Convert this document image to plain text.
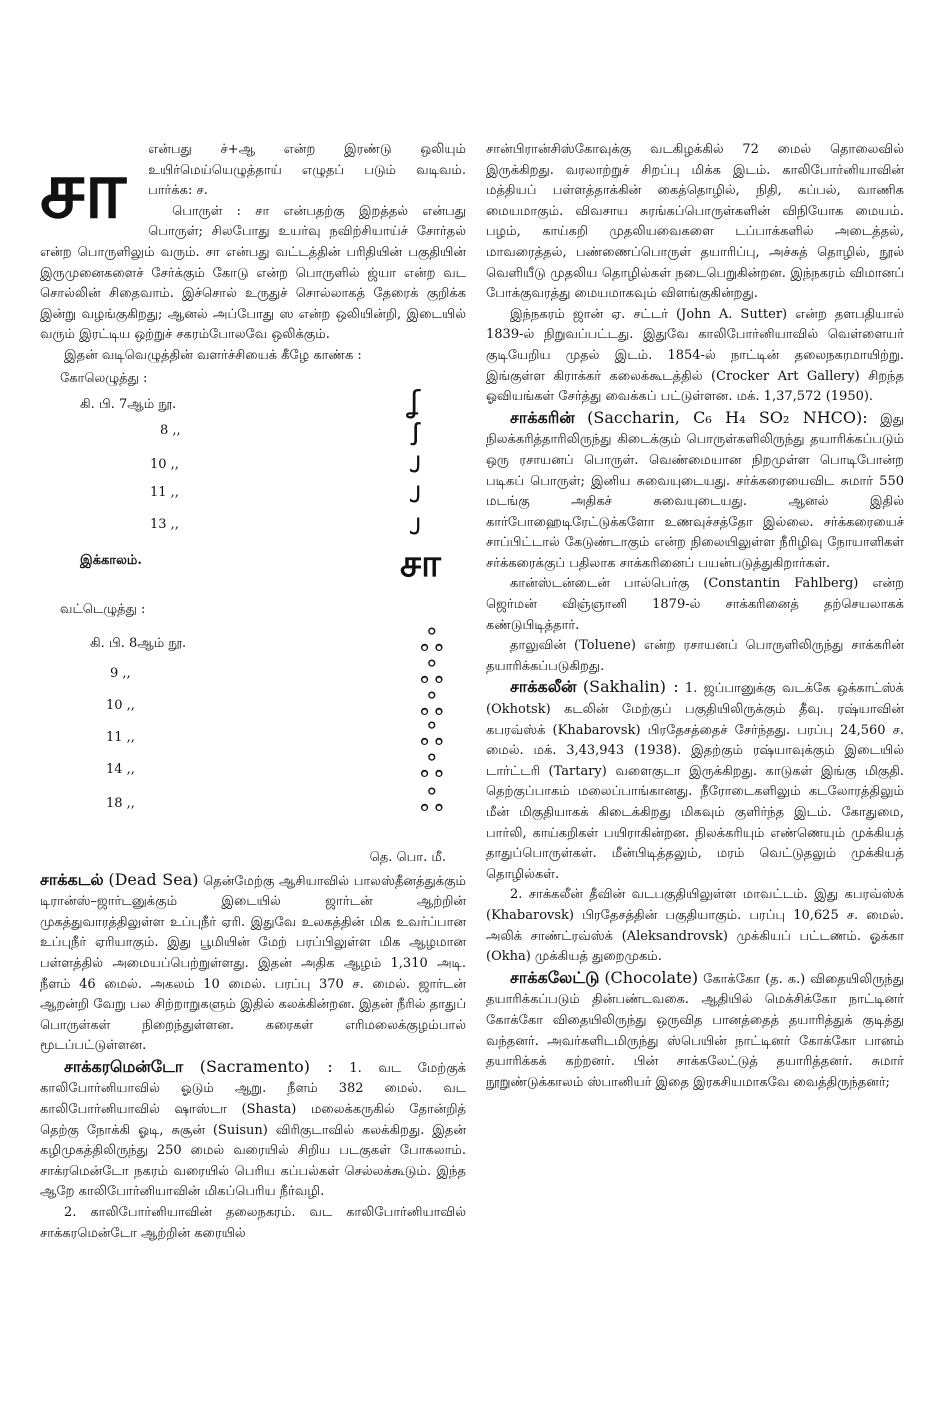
சா	என்பது ச்+ஆ என்ற இரண்டு ஒலியும் உயிர்மெய்யெழுத்தாய் எழுதப் படும் வடிவம். பார்க்க: ச.

பொருள் : சா என்பதற்கு இறத்தல் என்பது பொருள்; சிலபோது உயர்வு நவிற்சியாய்ச் சோர்தல் என்ற பொருளிலும் வரும். சா என்பது வட்டத்தின் பரிதியின் பகுதியின் இருமுனைகளைச் சேர்க்கும் கோடு என்ற பொருளில் ஜ்யா என்ற வட சொல்லின் சிதைவாம். இச்சொல் உருதுச் சொல்லாகத் தேரைக் குறிக்க இன்று வழங்குகிறது; ஆனல் அப்போது ஸ என்ற ஒலியின்றி, இடையில் வரும் இரட்டிய ஒற்றுச் சகரம்போலவே ஒலிக்கும்.

இதன் வடிவெழுத்தின் வளர்ச்சியைக் கீழே காண்க :

கோலெழுத்து :
கி. பி. 7ஆம் நூ.	ʆ
8 ,,	ꭍ
10 ,,	ᴊ
11 ,,	ᴊ
13 ,,	ᴊ
இக்காலம்.	சா
வட்டெழுத்து :
கி. பி. 8ஆம் நூ.	ஃ
9 ,,	ஃ
10 ,,	ஃ
11 ,,	ஃ
14 ,,	ஃ
18 ,,	ஃ
தெ. பொ. மீ.

சாக்கடல் (Dead Sea) தென்மேற்கு ஆசியாவில் பாலஸ்தீனத்துக்கும் டிரான்ஸ்–ஜார்டனுக்கும் இடையில் ஜார்டன் ஆற்றின் முகத்துவாரத்திலுள்ள உப்புநீர் ஏரி. இதுவே உலகத்தின் மிக உவர்ப்பான உப்புநீர் ஏரியாகும். இது பூமியின் மேற் பரப்பிலுள்ள மிக ஆழமான பள்ளத்தில் அமையப்பெற்றுள்ளது. இதன் அதிக ஆழம் 1,310 அடி. நீளம் 46 மைல். அகலம் 10 மைல். பரப்பு 370 ச. மைல். ஜார்டன் ஆறன்றி வேறு பல சிற்றாறுகளும் இதில் கலக்கின்றன. இதன் நீரில் தாதுப் பொருள்கள் நிறைந்துள்ளன. கரைகள் எரிமலைக்குழம்பால் மூடப்பட்டுள்ளன.

சாக்கரமென்டோ (Sacramento) : 1. வட மேற்குக் காலிபோர்னியாவில் ஓடும் ஆறு. நீளம் 382 மைல். வட காலிபோர்னியாவில் ஷாஸ்டா (Shasta) மலைக்கருகில் தோன்றித் தெற்கு நோக்கி ஓடி, சுசூன் (Suisun) விரிகுடாவில் கலக்கிறது. இதன் கழிமுகத்திலிருந்து 250 மைல் வரையில் சிறிய படகுகள் போகலாம். சாக்ரமென்டோ நகரம் வரையில் பெரிய கப்பல்கள் செல்லக்கூடும். இந்த ஆறே காலிபோர்னியாவின் மிகப்பெரிய நீர்வழி.

2. காலிபோர்னியாவின் தலைநகரம். வட காலிபோர்னியாவில் சாக்கரமென்டோ ஆற்றின் கரையில்

சான்பிரான்சிஸ்கோவுக்கு வடகிழக்கில் 72 மைல் தொலைவில் இருக்கிறது. வரலாற்றுச் சிறப்பு மிக்க இடம். காலிபோர்னியாவின் மத்தியப் பள்ளத்தாக்கின் கைத்தொழில், நிதி, கப்பல், வாணிக மையமாகும். விவசாய சுரங்கப்பொருள்களின் விநியோக மையம். பழம், காய்கறி முதலியவைகளை டப்பாக்களில் அடைத்தல், மாவரைத்தல், பண்ணைப்பொருள் தயாரிப்பு, அச்சுத் தொழில், நூல் வெளியீடு முதலிய தொழில்கள் நடைபெறுகின்றன. இந்நகரம் விமானப் போக்குவரத்து மையமாகவும் விளங்குகின்றது.

இந்நகரம் ஜான் ஏ. சட்டர் (John A. Sutter) என்ற தளபதியால் 1839-ல் நிறுவப்பட்டது. இதுவே காலிபோர்னியாவில் வெள்ளையர் குடியேறிய முதல் இடம். 1854-ல் நாட்டின் தலைநகரமாயிற்று. இங்குள்ள கிராக்கர் கலைக்கூடத்தில் (Crocker Art Gallery) சிறந்த ஓவியங்கள் சேர்த்து வைக்கப் பட்டுள்ளன. மக். 1,37,572 (1950).

சாக்கரின் (Saccharin, C₆ H₄ SO₂ NHCO): இது நிலக்கரித்தாரிலிருந்து கிடைக்கும் பொருள்களிலிருந்து தயாரிக்கப்படும் ஒரு ரசாயனப் பொருள். வெண்மையான நிறமுள்ள பொடிபோன்ற படிகப் பொருள்; இனிய சுவையுடையது. சர்க்கரையைவிட சுமார் 550 மடங்கு அதிகச் சுவையுடையது. ஆனல் இதில் கார்போஹைடிரேட்டுக்களோ உணவுச்சத்தோ இல்லை. சர்க்கரையைச் சாப்பிட்டால் கேடுண்டாகும் என்ற நிலையிலுள்ள நீரிழிவு நோயாளிகள் சர்க்கரைக்குப் பதிலாக சாக்கரினைப் பயன்படுத்துகிறார்கள்.

கான்ஸ்டன்டைன் பால்பெர்கு (Constantin Fahlberg) என்ற ஜெர்மன் விஞ்ஞானி 1879-ல் சாக்கரினைத் தற்செயலாகக் கண்டுபிடித்தார்.

தாலுவின் (Toluene) என்ற ரசாயனப் பொருளிலிருந்து சாக்கரின் தயாரிக்கப்படுகிறது.

சாக்கலீன் (Sakhalin) : 1. ஜப்பானுக்கு வடக்கே ஒக்காட்ஸ்க் (Okhotsk) கடலின் மேற்குப் பகுதியிலிருக்கும் தீவு. ரஷ்யாவின் கபரவ்ஸ்க் (Khabarovsk) பிரதேசத்தைச் சேர்ந்தது. பரப்பு 24,560 ச. மைல். மக். 3,43,943 (1938). இதற்கும் ரஷ்யாவுக்கும் இடையில் டார்ட்டரி (Tartary) வளைகுடா இருக்கிறது. காடுகள் இங்கு மிகுதி. தெற்குப்பாகம் மலைப்பாங்கானது. நீரோடைகளிலும் கடலோரத்திலும் மீன் மிகுதியாகக் கிடைக்கிறது மிகவும் குளிர்ந்த இடம். கோதுமை, பார்லி, காய்கறிகள் பயிராகின்றன. நிலக்கரியும் எண்ணெயும் முக்கியத் தாதுப்பொருள்கள். மீன்பிடித்தலும், மரம் வெட்டுதலும் முக்கியத் தொழில்கள்.

2. சாக்கலீன் தீவின் வடபகுதியிலுள்ள மாவட்டம். இது கபரவ்ஸ்க் (Khabarovsk) பிரதேசத்தின் பகுதியாகும். பரப்பு 10,625 ச. மைல். அலிக் சாண்ட்ரவ்ஸ்க் (Aleksandrovsk) முக்கியப் பட்டணம். ஓக்கா (Okha) முக்கியத் துறைமுகம்.

சாக்கலேட்டு (Chocolate) கோக்கோ (த. க.) விதையிலிருந்து தயாரிக்கப்படும் தின்பண்டவகை. ஆதியில் மெக்சிக்கோ நாட்டினர் கோக்கோ விதையிலிருந்து ஒருவித பானத்தைத் தயாரித்துக் குடித்து வந்தனர். அவர்களிடமிருந்து ஸ்பெயின் நாட்டினர் கோக்கோ பானம் தயாரிக்கக் கற்றனர். பின் சாக்கலேட்டுத் தயாரித்தனர். சுமார் நூறுண்டுக்காலம் ஸ்பானியர் இதை இரகசியமாகவே வைத்திருந்தனர்;
